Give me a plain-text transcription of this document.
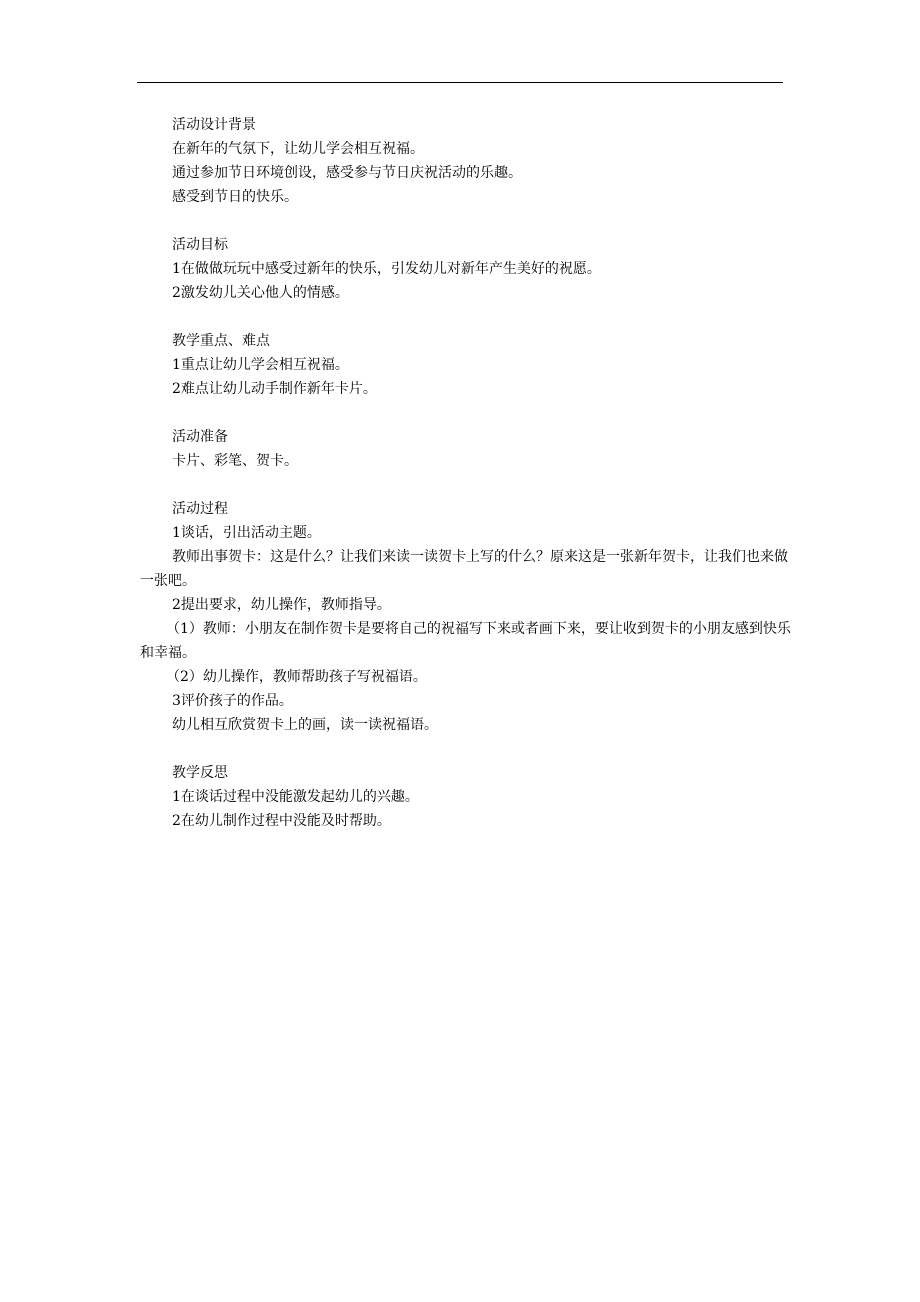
活动设计背景

在新年的气氛下，让幼儿学会相互祝福。

通过参加节日环境创设，感受参与节日庆祝活动的乐趣。

感受到节日的快乐。

活动目标

1在做做玩玩中感受过新年的快乐，引发幼儿对新年产生美好的祝愿。

2激发幼儿关心他人的情感。

教学重点、难点

1重点让幼儿学会相互祝福。

2难点让幼儿动手制作新年卡片。

活动准备

卡片、彩笔、贺卡。

活动过程

1谈话，引出活动主题。

教师出事贺卡：这是什么？让我们来读一读贺卡上写的什么？原来这是一张新年贺卡，让我们也来做一张吧。

2提出要求，幼儿操作，教师指导。

（1）教师：小朋友在制作贺卡是要将自己的祝福写下来或者画下来，要让收到贺卡的小朋友感到快乐和幸福。

（2）幼儿操作，教师帮助孩子写祝福语。

3评价孩子的作品。

幼儿相互欣赏贺卡上的画，读一读祝福语。

教学反思

1在谈话过程中没能激发起幼儿的兴趣。

2在幼儿制作过程中没能及时帮助。
